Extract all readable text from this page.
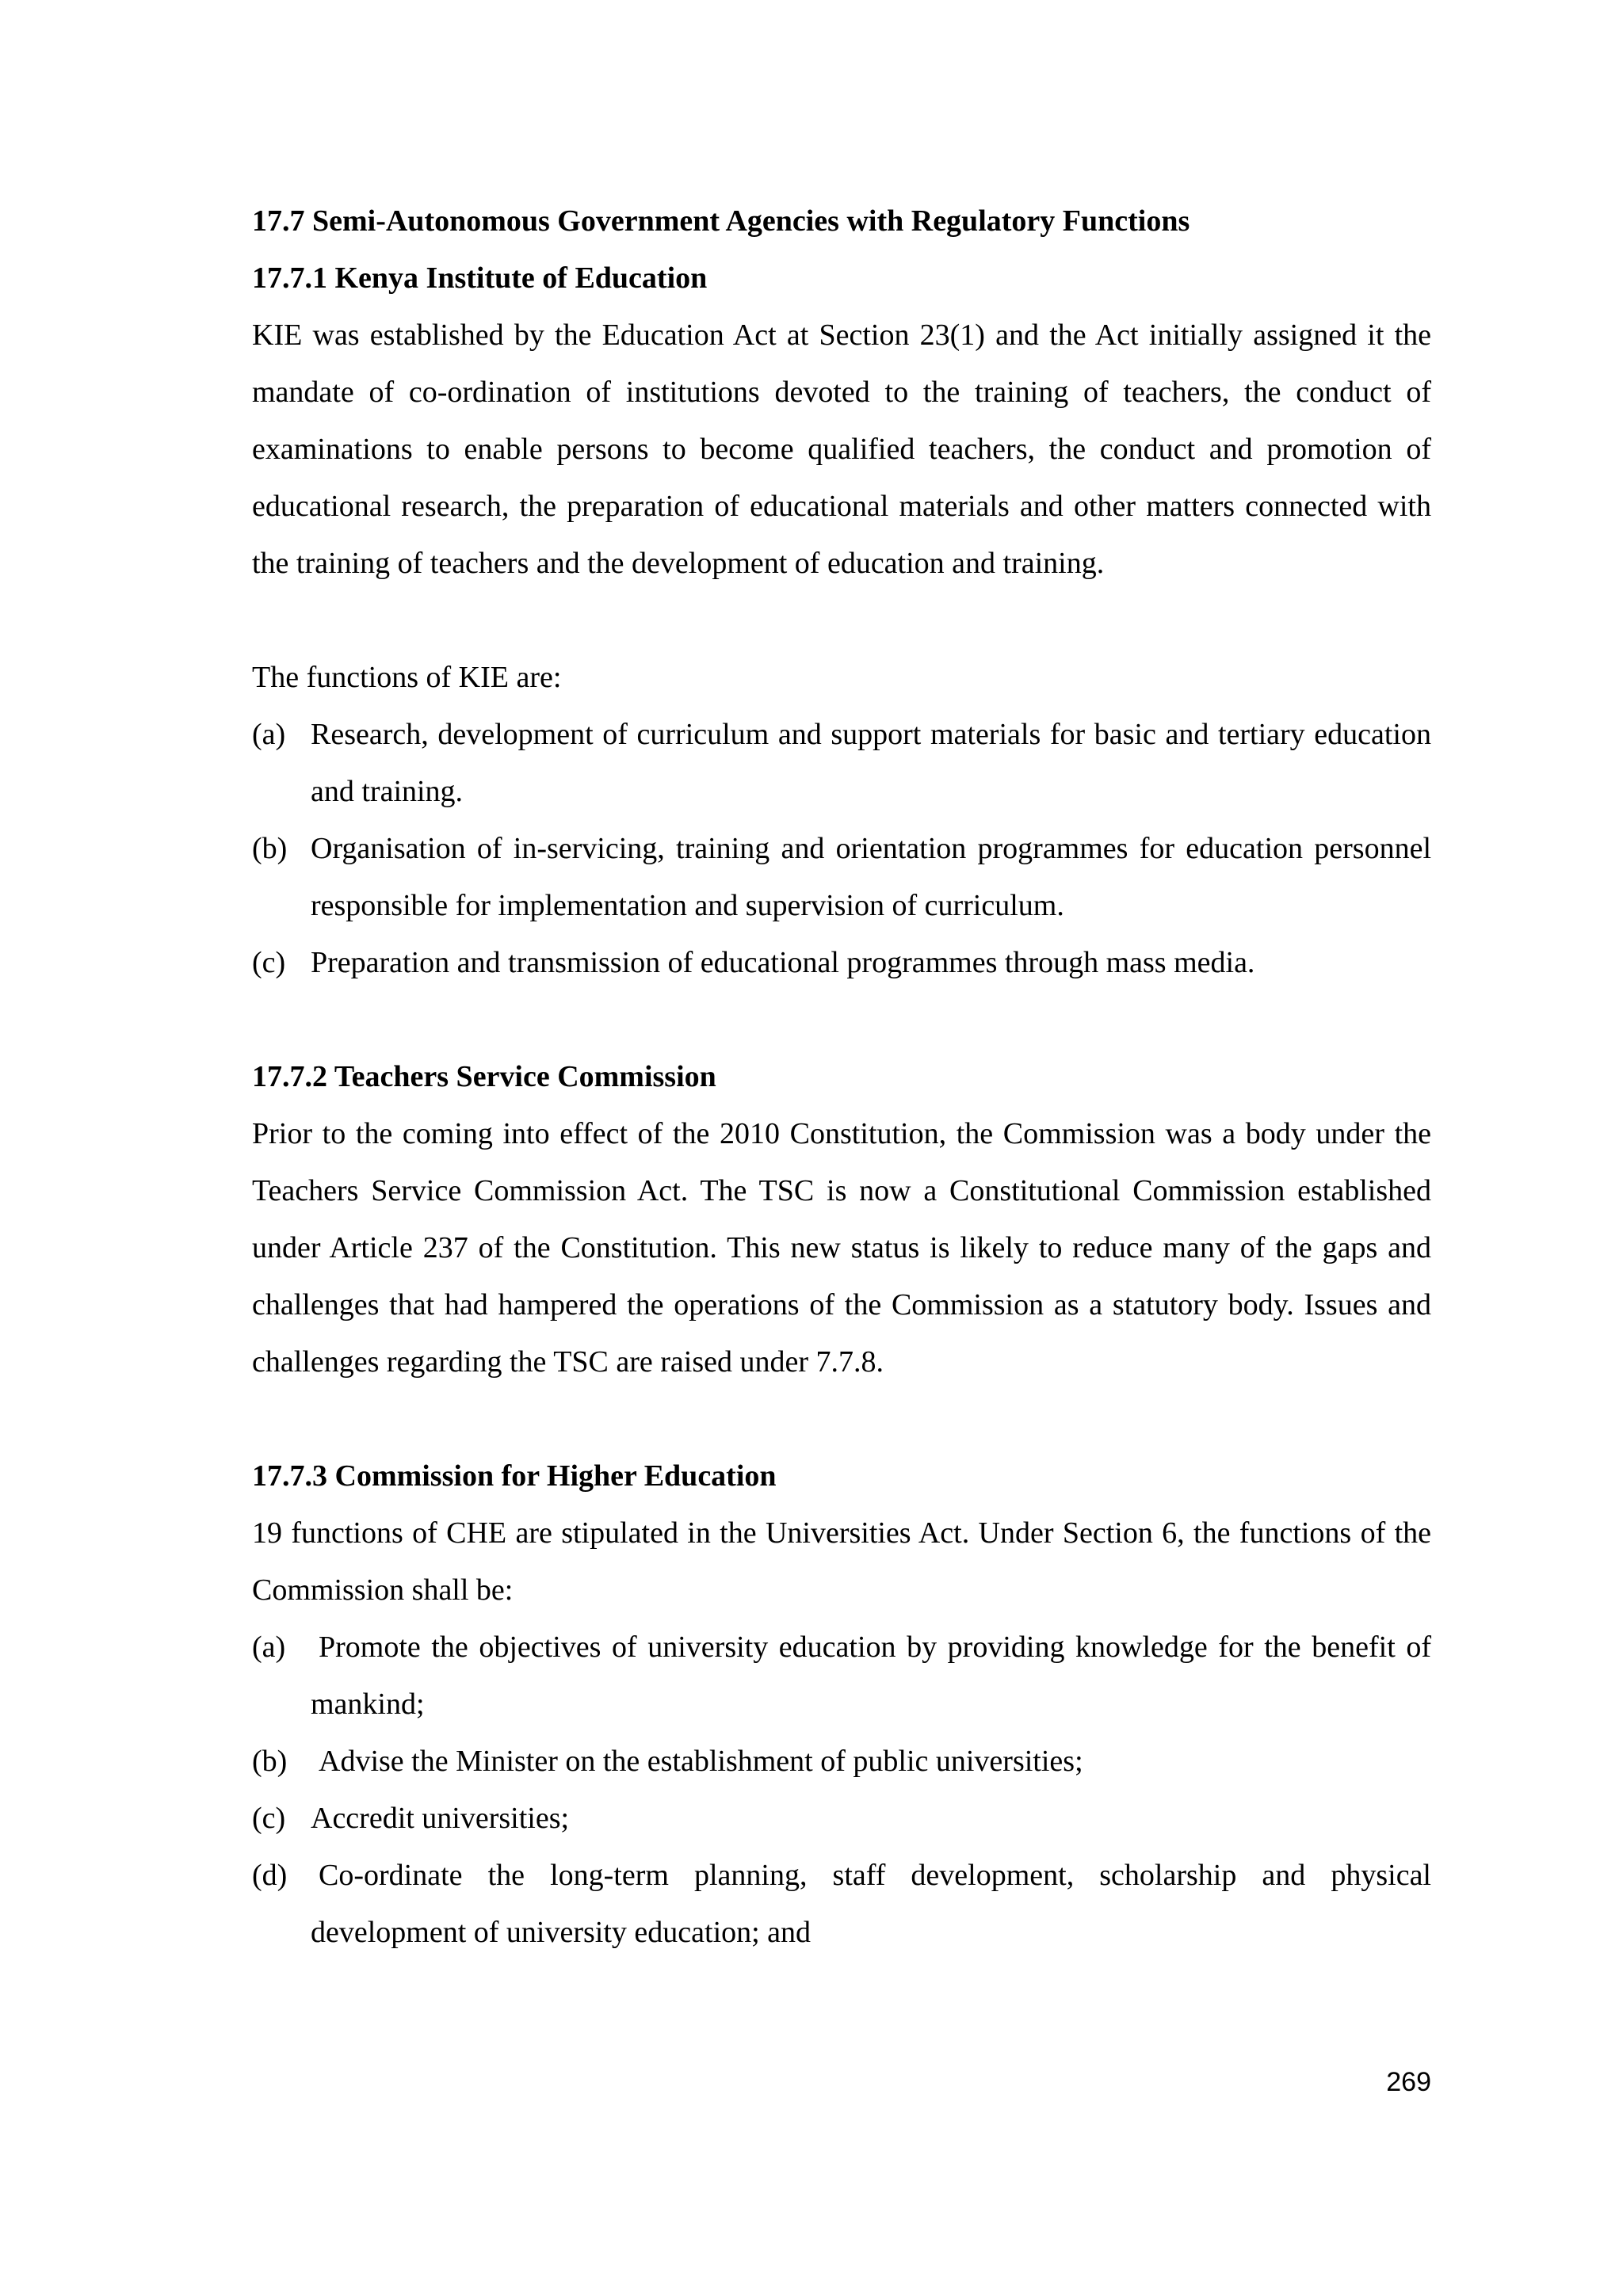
17.7 Semi-Autonomous Government Agencies with Regulatory Functions

17.7.1 Kenya Institute of Education

KIE was established by the Education Act at Section 23(1) and the Act initially assigned it the mandate of co-ordination of institutions devoted to the training of teachers, the conduct of examinations to enable persons to become qualified teachers, the conduct and promotion of educational research, the preparation of educational materials and other matters connected with the training of teachers and the development of education and training.

The functions of KIE are:

(a) Research, development of curriculum and support materials for basic and tertiary education and training.
(b) Organisation of in-servicing, training and orientation programmes for education personnel responsible for implementation and supervision of curriculum.
(c) Preparation and transmission of educational programmes through mass media.

17.7.2 Teachers Service Commission

Prior to the coming into effect of the 2010 Constitution, the Commission was a body under the Teachers Service Commission Act. The TSC is now a Constitutional Commission established under Article 237 of the Constitution. This new status is likely to reduce many of the gaps and challenges that had hampered the operations of the Commission as a statutory body. Issues and challenges regarding the TSC are raised under 7.7.8.

17.7.3 Commission for Higher Education

19 functions of CHE are stipulated in the Universities Act. Under Section 6, the functions of the Commission shall be:

(a)	Promote the objectives of university education by providing knowledge for the benefit of mankind;
(b)	Advise the Minister on the establishment of public universities;
(c) Accredit universities;
(d)	Co-ordinate the long-term planning, staff development, scholarship and physical development of university education; and
269
